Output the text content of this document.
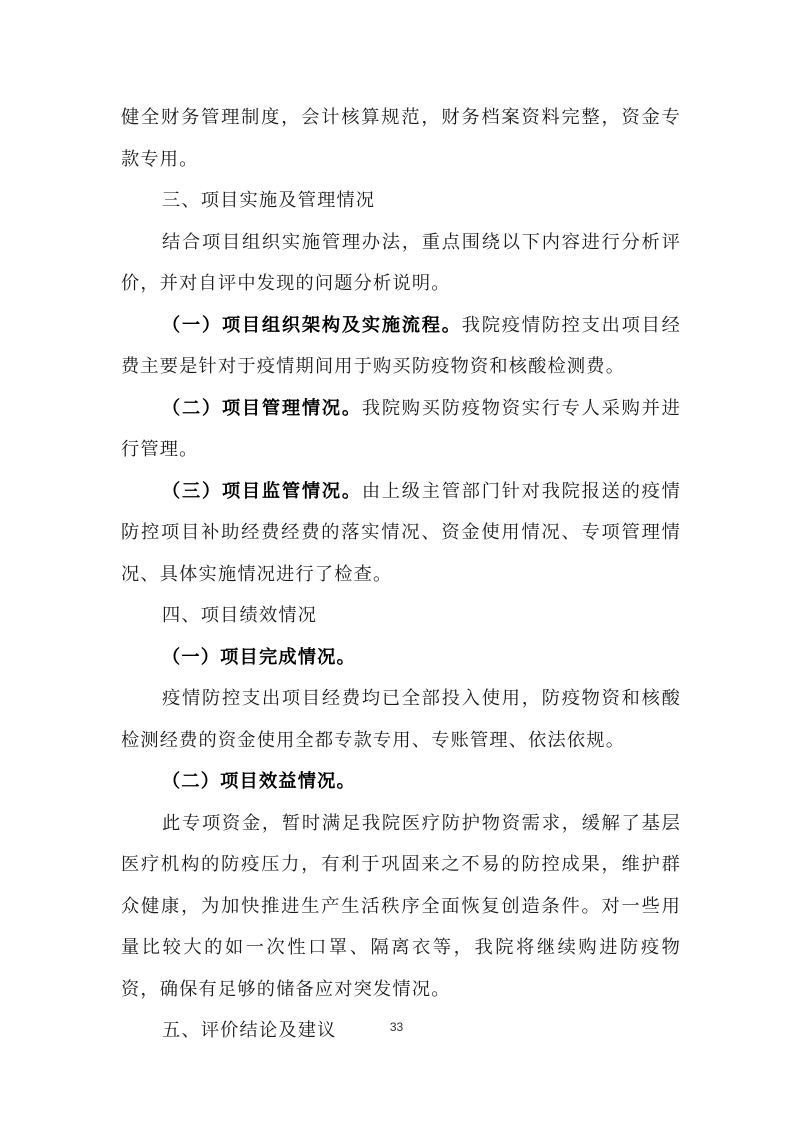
健全财务管理制度，会计核算规范，财务档案资料完整，资金专款专用。

三、项目实施及管理情况

结合项目组织实施管理办法，重点围绕以下内容进行分析评价，并对自评中发现的问题分析说明。

（一）项目组织架构及实施流程。我院疫情防控支出项目经费主要是针对于疫情期间用于购买防疫物资和核酸检测费。

（二）项目管理情况。我院购买防疫物资实行专人采购并进行管理。

（三）项目监管情况。由上级主管部门针对我院报送的疫情防控项目补助经费经费的落实情况、资金使用情况、专项管理情况、具体实施情况进行了检查。

四、项目绩效情况

（一）项目完成情况。

疫情防控支出项目经费均已全部投入使用，防疫物资和核酸检测经费的资金使用全都专款专用、专账管理、依法依规。

（二）项目效益情况。

此专项资金，暂时满足我院医疗防护物资需求，缓解了基层医疗机构的防疫压力，有利于巩固来之不易的防控成果，维护群众健康，为加快推进生产生活秩序全面恢复创造条件。对一些用量比较大的如一次性口罩、隔离衣等，我院将继续购进防疫物资，确保有足够的储备应对突发情况。

五、评价结论及建议	33
